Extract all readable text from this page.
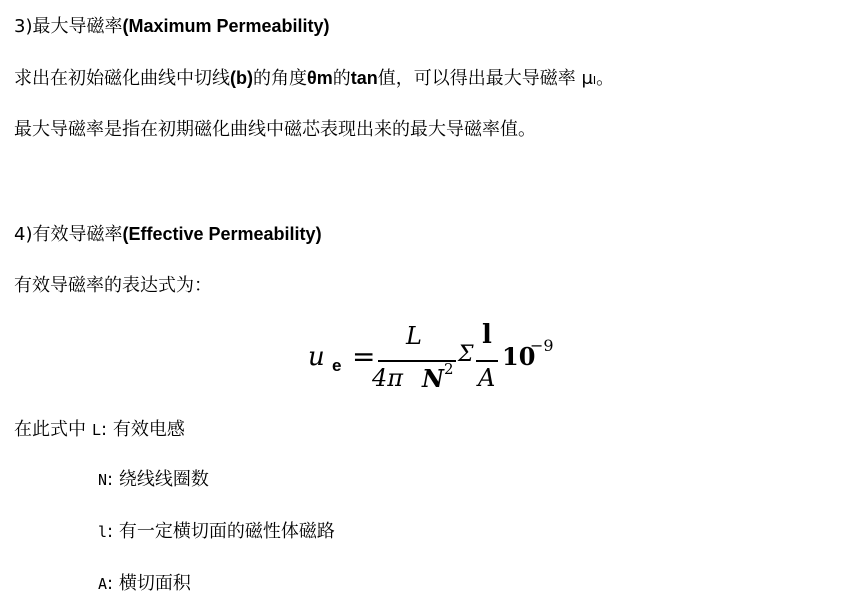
3)最大导磁率(Maximum Permeability)
求出在初始磁化曲线中切线(b)的角度θm的tan值，可以得出最大导磁率 μI。
最大导磁率是指在初期磁化曲线中磁芯表现出来的最大导磁率值。
4)有效导磁率(Effective Permeability)
有效导磁率的表达式为：
u e =
L
4π N 2
Σ
l
A
10
−9
在此式中 L: 有效电感
N: 绕线线圈数
l: 有一定横切面的磁性体磁路
A: 横切面积
